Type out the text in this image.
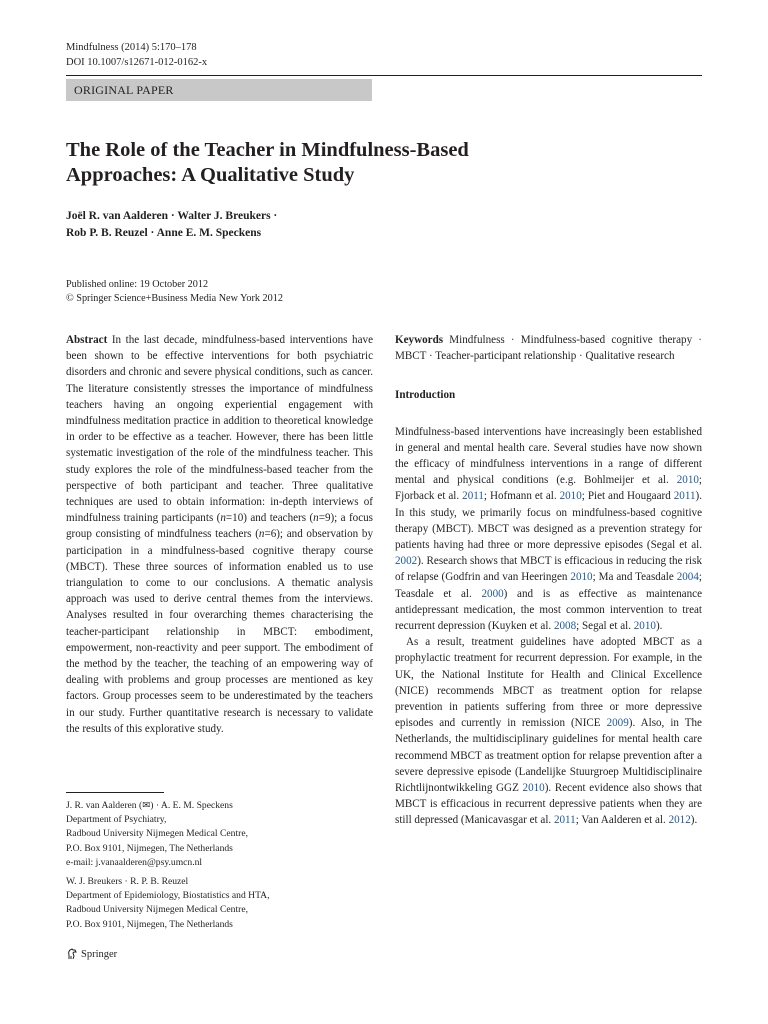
Mindfulness (2014) 5:170–178
DOI 10.1007/s12671-012-0162-x
ORIGINAL PAPER
The Role of the Teacher in Mindfulness-Based
Approaches: A Qualitative Study
Joël R. van Aalderen · Walter J. Breukers ·
Rob P. B. Reuzel · Anne E. M. Speckens
Published online: 19 October 2012
© Springer Science+Business Media New York 2012

Abstract In the last decade, mindfulness-based interventions have been shown to be effective interventions for both psychiatric disorders and chronic and severe physical conditions, such as cancer. The literature consistently stresses the importance of mindfulness teachers having an ongoing experiential engagement with mindfulness meditation practice in addition to theoretical knowledge in order to be effective as a teacher. However, there has been little systematic investigation of the role of the mindfulness teacher. This study explores the role of the mindfulness-based teacher from the perspective of both participant and teacher. Three qualitative techniques are used to obtain information: in-depth interviews of mindfulness training participants (n=10) and teachers (n=9); a focus group consisting of mindfulness teachers (n=6); and observation by participation in a mindfulness-based cognitive therapy course (MBCT). These three sources of information enabled us to use triangulation to come to our conclusions. A thematic analysis approach was used to derive central themes from the interviews. Analyses resulted in four overarching themes characterising the teacher-participant relationship in MBCT: embodiment, empowerment, non-reactivity and peer support. The embodiment of the method by the teacher, the teaching of an empowering way of dealing with problems and group processes are mentioned as key factors. Group processes seem to be underestimated by the teachers in our study. Further quantitative research is necessary to validate the results of this explorative study.

J. R. van Aalderen (✉) · A. E. M. Speckens
Department of Psychiatry,
Radboud University Nijmegen Medical Centre,
P.O. Box 9101, Nijmegen, The Netherlands
e-mail: j.vanaalderen@psy.umcn.nl
W. J. Breukers · R. P. B. Reuzel
Department of Epidemiology, Biostatistics and HTA,
Radboud University Nijmegen Medical Centre,
P.O. Box 9101, Nijmegen, The Netherlands

Keywords Mindfulness · Mindfulness-based cognitive therapy · MBCT · Teacher-participant relationship · Qualitative research

Introduction

Mindfulness-based interventions have increasingly been established in general and mental health care. Several studies have now shown the efficacy of mindfulness interventions in a range of different mental and physical conditions (e.g. Bohlmeijer et al. 2010; Fjorback et al. 2011; Hofmann et al. 2010; Piet and Hougaard 2011). In this study, we primarily focus on mindfulness-based cognitive therapy (MBCT). MBCT was designed as a prevention strategy for patients having had three or more depressive episodes (Segal et al. 2002). Research shows that MBCT is efficacious in reducing the risk of relapse (Godfrin and van Heeringen 2010; Ma and Teasdale 2004; Teasdale et al. 2000) and is as effective as maintenance antidepressant medication, the most common intervention to treat recurrent depression (Kuyken et al. 2008; Segal et al. 2010).

As a result, treatment guidelines have adopted MBCT as a prophylactic treatment for recurrent depression. For example, in the UK, the National Institute for Health and Clinical Excellence (NICE) recommends MBCT as treatment option for relapse prevention in patients suffering from three or more depressive episodes and currently in remission (NICE 2009). Also, in The Netherlands, the multidisciplinary guidelines for mental health care recommend MBCT as treatment option for relapse prevention after a severe depressive episode (Landelijke Stuurgroep Multidisciplinaire Richtlijnontwikkeling GGZ 2010). Recent evidence also shows that MBCT is efficacious in recurrent depressive patients when they are still depressed (Manicavasgar et al. 2011; Van Aalderen et al. 2012).

Springer
